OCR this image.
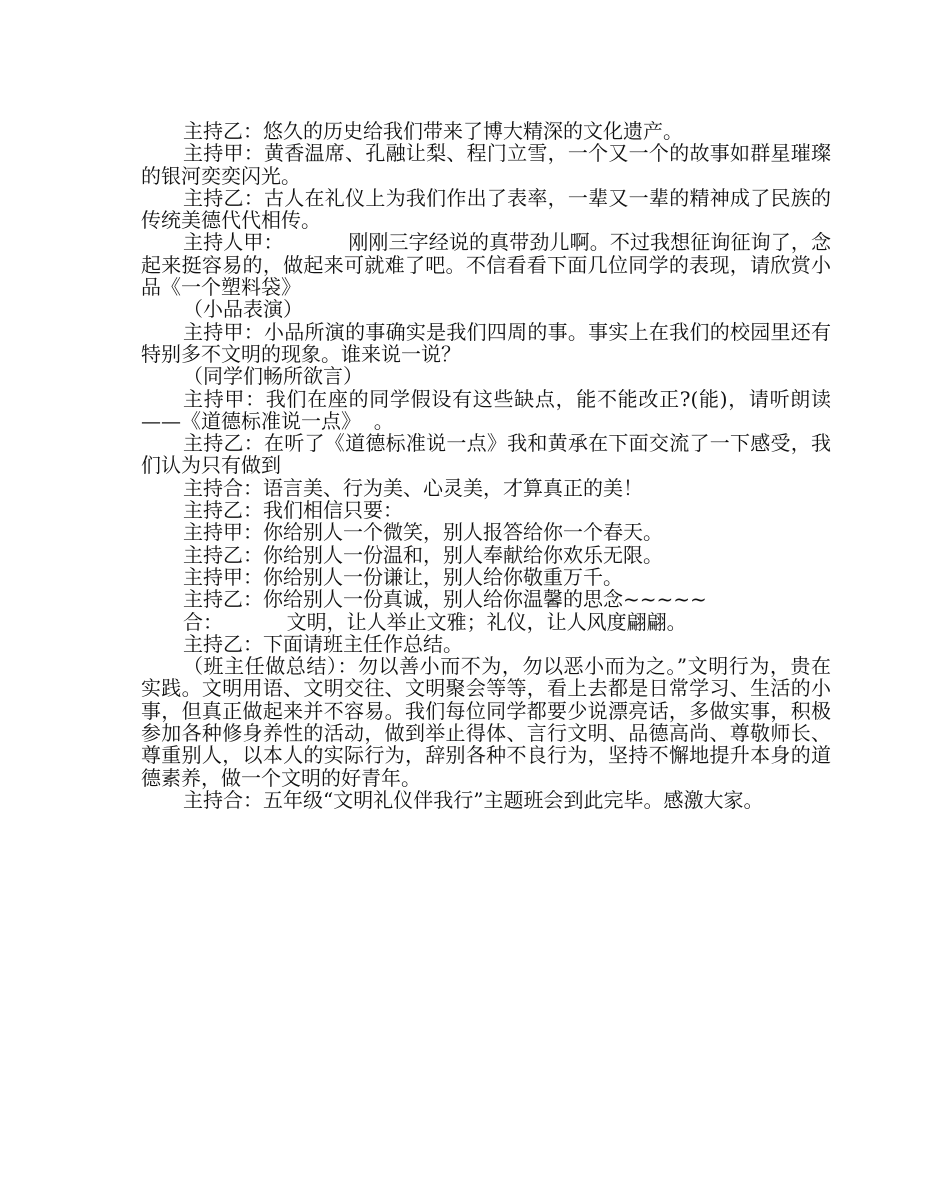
主持乙：悠久的历史给我们带来了博大精深的文化遗产。

主持甲：黄香温席、孔融让梨、程门立雪，一个又一个的故事如群星璀璨的银河奕奕闪光。

主持乙：古人在礼仪上为我们作出了表率，一辈又一辈的精神成了民族的传统美德代代相传。

主持人甲：          刚刚三字经说的真带劲儿啊。不过我想征询征询了，念起来挺容易的，做起来可就难了吧。不信看看下面几位同学的表现，请欣赏小品《一个塑料袋》

（小品表演）

主持甲：小品所演的事确实是我们四周的事。事实上在我们的校园里还有特别多不文明的现象。谁来说一说？

（同学们畅所欲言）

主持甲：我们在座的同学假设有这些缺点，能不能改正?(能)，请听朗读——《道德标准说一点》  。

主持乙：在听了《道德标准说一点》我和黄承在下面交流了一下感受，我们认为只有做到

主持合：语言美、行为美、心灵美，才算真正的美！

主持乙：我们相信只要：

主持甲：你给别人一个微笑，别人报答给你一个春天。

主持乙：你给别人一份温和，别人奉献给你欢乐无限。

主持甲：你给别人一份谦让，别人给你敬重万千。

主持乙：你给别人一份真诚，别人给你温馨的思念~~~~~

合：          文明，让人举止文雅；礼仪，让人风度翩翩。

主持乙：下面请班主任作总结。

（班主任做总结）：勿以善小而不为，勿以恶小而为之。”文明行为，贵在实践。文明用语、文明交往、文明聚会等等，看上去都是日常学习、生活的小事，但真正做起来并不容易。我们每位同学都要少说漂亮话，多做实事，积极参加各种修身养性的活动，做到举止得体、言行文明、品德高尚、尊敬师长、尊重别人，以本人的实际行为，辞别各种不良行为，坚持不懈地提升本身的道德素养，做一个文明的好青年。

主持合：五年级“文明礼仪伴我行”主题班会到此完毕。感激大家。
